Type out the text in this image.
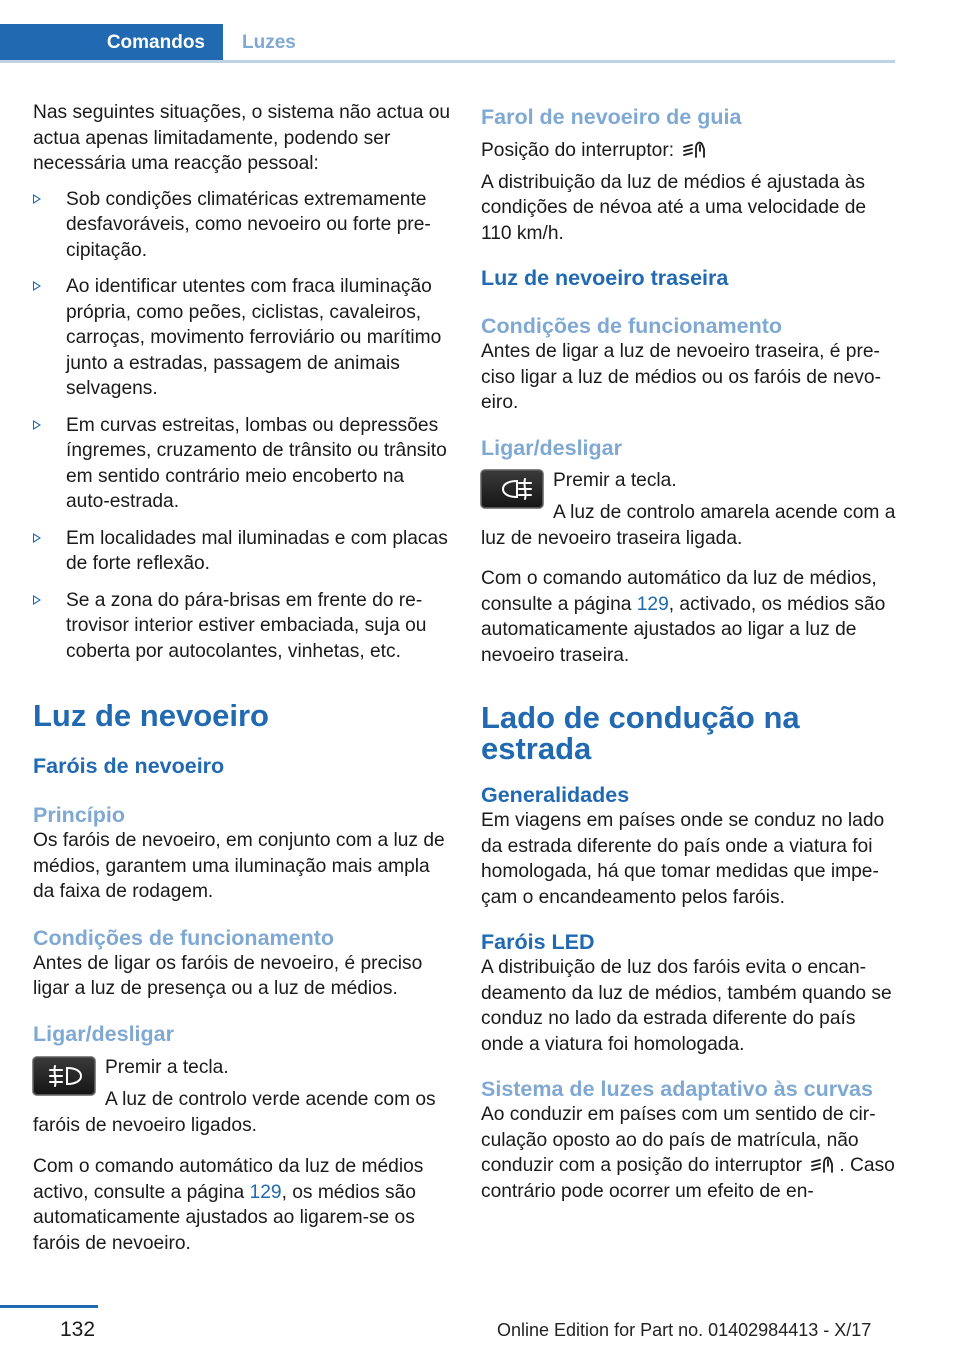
Comandos	Luzes

Nas seguintes situações, o sistema não actua ou actua apenas limitadamente, podendo ser necessária uma reacção pessoal:

Sob condições climatéricas extremamente desfavoráveis, como nevoeiro ou forte precipitação.
Ao identificar utentes com fraca iluminação própria, como peões, ciclistas, cavaleiros, carroças, movimento ferroviário ou marítimo junto a estradas, passagem de animais selvagens.
Em curvas estreitas, lombas ou depressões íngremes, cruzamento de trânsito ou trânsito em sentido contrário meio encoberto na auto-estrada.
Em localidades mal iluminadas e com placas de forte reflexão.
Se a zona do pára-brisas em frente do retrovisor interior estiver embaciada, suja ou coberta por autocolantes, vinhetas, etc.
Luz de nevoeiro
Faróis de nevoeiro
Princípio

Os faróis de nevoeiro, em conjunto com a luz de médios, garantem uma iluminação mais ampla da faixa de rodagem.

Condições de funcionamento

Antes de ligar os faróis de nevoeiro, é preciso ligar a luz de presença ou a luz de médios.

Ligar/desligar

Premir a tecla.

A luz de controlo verde acende com os faróis de nevoeiro ligados.

Com o comando automático da luz de médios activo, consulte a página 129, os médios são automaticamente ajustados ao ligarem-se os faróis de nevoeiro.

Farol de nevoeiro de guia

Posição do interruptor:

A distribuição da luz de médios é ajustada às condições de névoa até a uma velocidade de 110 km/h.

Luz de nevoeiro traseira
Condições de funcionamento

Antes de ligar a luz de nevoeiro traseira, é preciso ligar a luz de médios ou os faróis de nevoeiro.

Ligar/desligar

Premir a tecla.

A luz de controlo amarela acende com a luz de nevoeiro traseira ligada.

Com o comando automático da luz de médios, consulte a página 129, activado, os médios são automaticamente ajustados ao ligar a luz de nevoeiro traseira.

Lado de condução na estrada
Generalidades

Em viagens em países onde se conduz no lado da estrada diferente do país onde a viatura foi homologada, há que tomar medidas que impeçam o encandeamento pelos faróis.

Faróis LED

A distribuição de luz dos faróis evita o encandeamento da luz de médios, também quando se conduz no lado da estrada diferente do país onde a viatura foi homologada.

Sistema de luzes adaptativo às curvas

Ao conduzir em países com um sentido de circulação oposto ao do país de matrícula, não conduzir com a posição do interruptor . Caso contrário pode ocorrer um efeito de en-

132	Online Edition for Part no. 01402984413 - X/17
